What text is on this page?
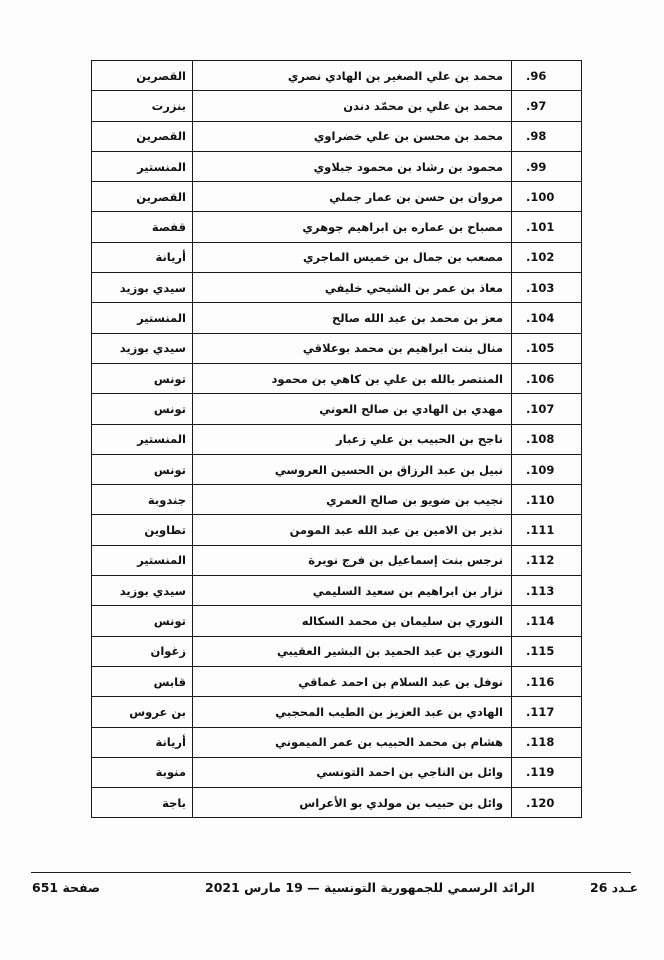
القصرين	محمد بن علي الصغير بن الهادي نصري	.96
بنزرت	محمد بن علي بن محمّد دندن	.97
القصرين	محمد بن محسن بن علي خضراوي	.98
المنستير	محمود بن رشاد بن محمود جبلاوي	.99
القصرين	مروان بن حسن بن عمار جملي	.100
قفصة	مصباح بن عماره بن ابراهيم جوهري	.101
أريانة	مصعب بن جمال بن خميس الماجري	.102
سيدي بوزيد	معاذ بن عمر بن الشيحي خليفي	.103
المنستير	معز بن محمد بن عبد الله صالح	.104
سيدي بوزيد	منال بنت ابراهيم بن محمد بوعلاقي	.105
تونس	المنتصر بالله بن علي بن كاهي بن محمود	.106
تونس	مهدي بن الهادي بن صالح العوني	.107
المنستير	ناجح بن الحبيب بن علي زعبار	.108
تونس	نبيل بن عبد الرزاق بن الحسين العروسي	.109
جندوبة	نجيب بن ضويو بن صالح العمري	.110
تطاوين	نذير بن الامين بن عبد الله عبد المومن	.111
المنستير	نرجس بنت إسماعيل بن فرج نويرة	.112
سيدي بوزيد	نزار بن ابراهيم بن سعيد السليمي	.113
تونس	النوري بن سليمان بن محمد السكاله	.114
زغوان	النوري بن عبد الحميد بن البشير العقيبي	.115
قابس	نوفل بن عبد السلام بن احمد غماقي	.116
بن عروس	الهادي بن عبد العزيز بن الطيب المحجبي	.117
أريانة	هشام بن محمد الحبيب بن عمر الميموني	.118
منوبة	وائل بن الناجي بن احمد التونسي	.119
باجة	وائل بن حبيب بن مولدي بو الأعراس	.120
صفحة 651	الرائد الرسمي للجمهورية التونسية — 19 مارس 2021	عـدد 26
